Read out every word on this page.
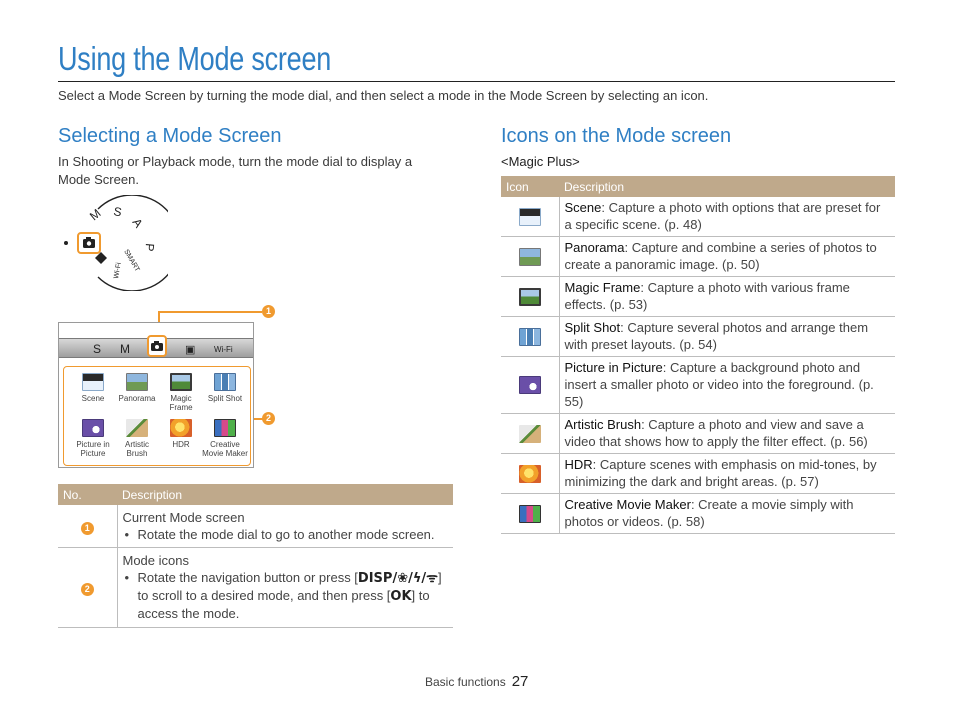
Using the Mode screen
Select a Mode Screen by turning the mode dial, and then select a mode in the Mode Screen by selecting an icon.
Selecting a Mode Screen
In Shooting or Playback mode, turn the mode dial to display a Mode Screen.
M S
A
P
SMART
Wi-Fi
1
S M	▣ Wi-Fi
Scene	Panorama	Magic Frame
Split Shot
Picture in Picture
Artistic Brush
HDR	Creative Movie Maker
2
No.	Description
1	Current Mode screen
• Rotate the mode dial to go to another mode screen.

2	Mode icons
• Rotate the navigation button or press [DISP/❀/ϟ/ᯤ] to scroll to a desired mode, and then press [OK] to access the mode.
Icons on the Mode screen
<Magic Plus>
Icon	Description
	Scene: Capture a photo with options that are preset for a specific scene. (p. 48)
	Panorama: Capture and combine a series of photos to create a panoramic image. (p. 50)
	Magic Frame: Capture a photo with various frame effects. (p. 53)
	Split Shot: Capture several photos and arrange them with preset layouts. (p. 54)
	Picture in Picture: Capture a background photo and insert a smaller photo or video into the foreground. (p. 55)
	Artistic Brush: Capture a photo and view and save a video that shows how to apply the filter effect. (p. 56)
	HDR: Capture scenes with emphasis on mid-tones, by minimizing the dark and bright areas. (p. 57)
	Creative Movie Maker: Create a movie simply with photos or videos. (p. 58)
Basic functions 27
